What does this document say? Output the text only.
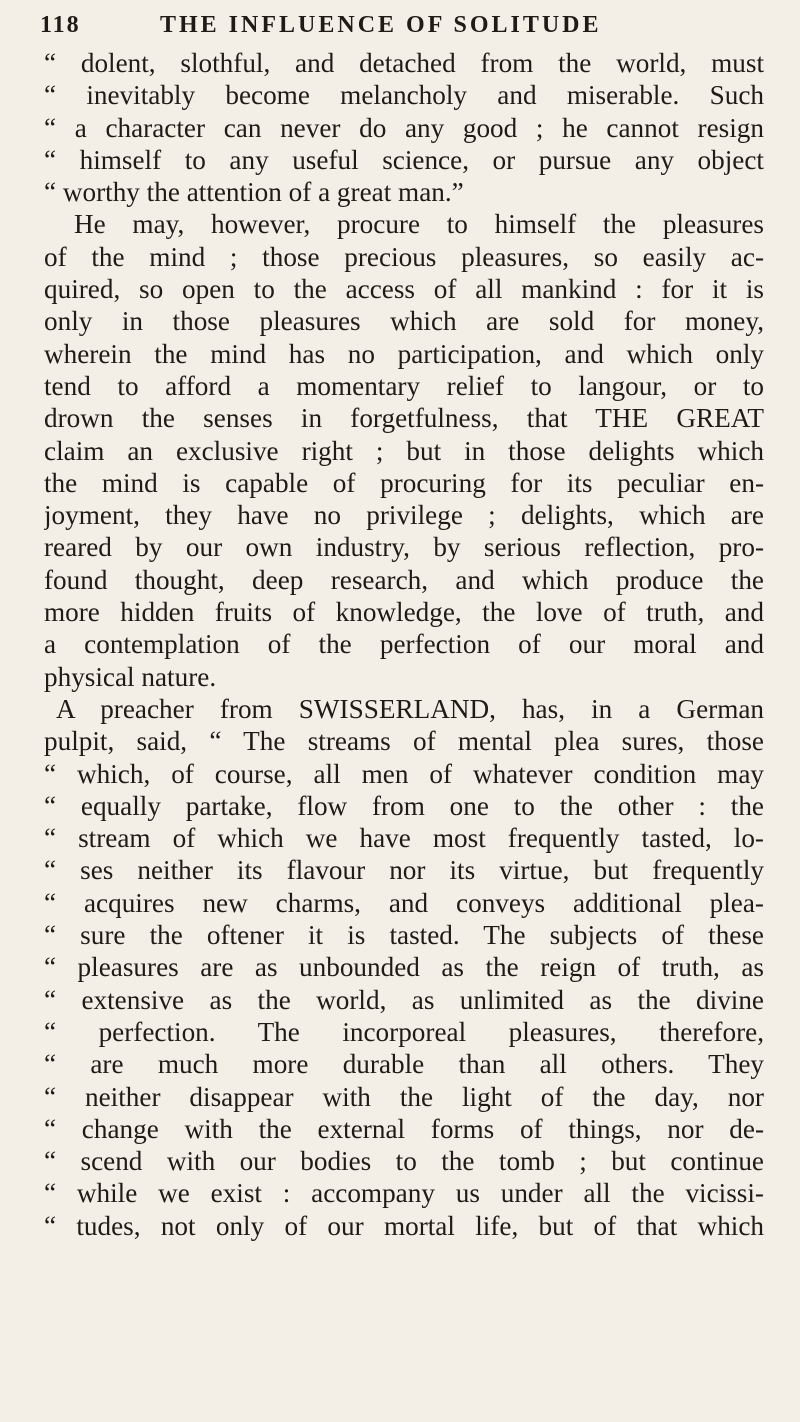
118	THE INFLUENCE OF SOLITUDE
“ dolent, slothful, and detached from the world, must
“ inevitably become melancholy and miserable. Such
“ a character can never do any good ; he cannot resign
“ himself to any useful science, or pursue any object
“ worthy the attention of a great man.”
He may, however, procure to himself the pleasures
of the mind ; those precious pleasures, so easily ac-
quired, so open to the access of all mankind : for it is
only in those pleasures which are sold for money,
wherein the mind has no participation, and which only
tend to afford a momentary relief to langour, or to
drown the senses in forgetfulness, that THE GREAT
claim an exclusive right ; but in those delights which
the mind is capable of procuring for its peculiar en-
joyment, they have no privilege ; delights, which are
reared by our own industry, by serious reflection, pro-
found thought, deep research, and which produce the
more hidden fruits of knowledge, the love of truth, and
a contemplation of the perfection of our moral and
physical nature.
A preacher from SWISSERLAND, has, in a German
pulpit, said, “ The streams of mental plea sures, those
“ which, of course, all men of whatever condition may
“ equally partake, flow from one to the other : the
“ stream of which we have most frequently tasted, lo-
“ ses neither its flavour nor its virtue, but frequently
“ acquires new charms, and conveys additional plea-
“ sure the oftener it is tasted. The subjects of these
“ pleasures are as unbounded as the reign of truth, as
“ extensive as the world, as unlimited as the divine
“ perfection. The incorporeal pleasures, therefore,
“ are much more durable than all others. They
“ neither disappear with the light of the day, nor
“ change with the external forms of things, nor de-
“ scend with our bodies to the tomb ; but continue
“ while we exist : accompany us under all the vicissi-
“ tudes, not only of our mortal life, but of that which
